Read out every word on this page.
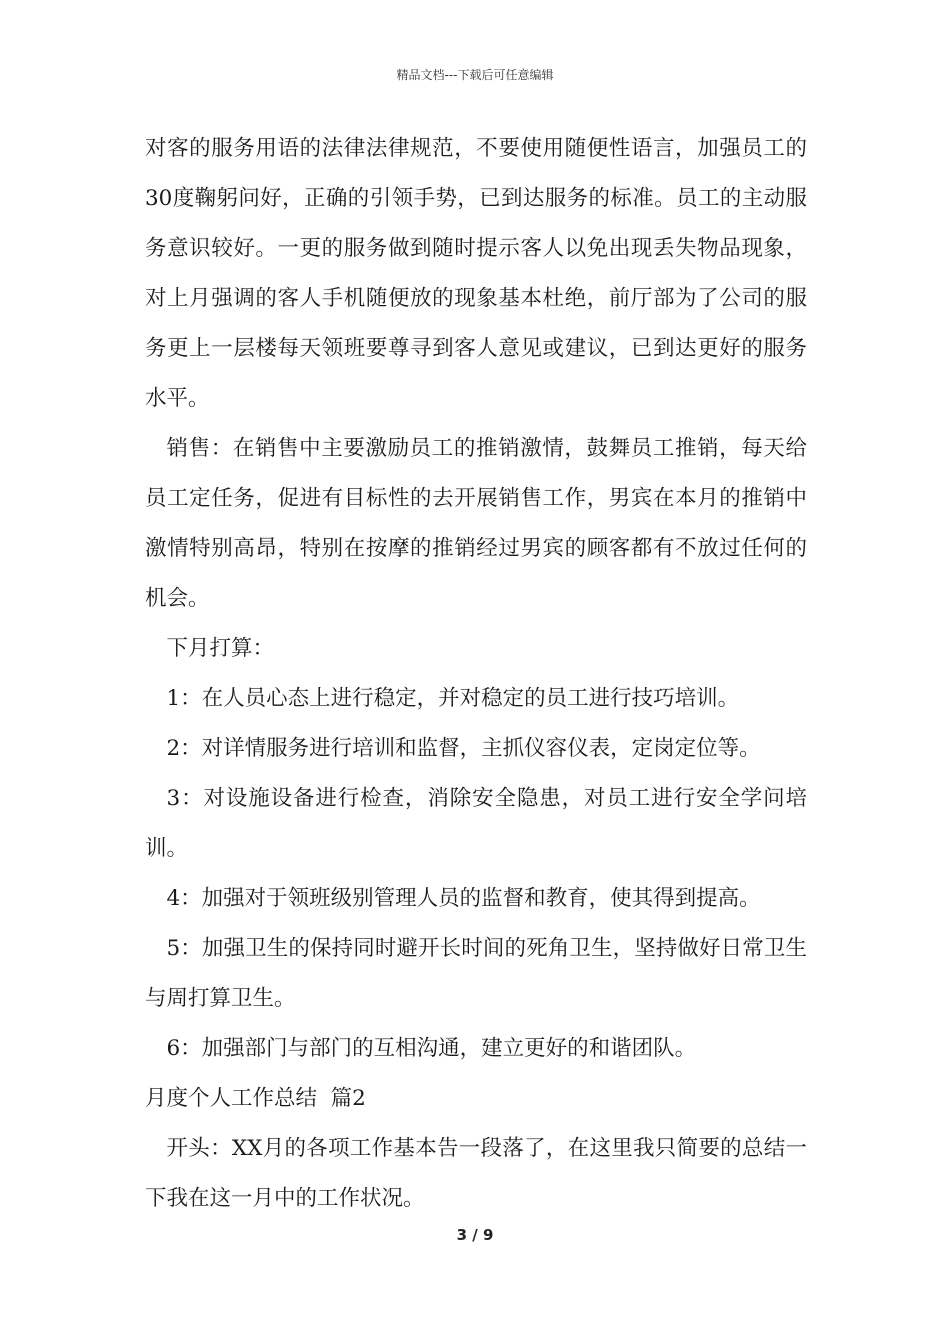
精品文档---下载后可任意编辑

对客的服务用语的法律法律规范，不要使用随便性语言，加强员工的30度鞠躬问好，正确的引领手势，已到达服务的标准。员工的主动服务意识较好。一更的服务做到随时提示客人以免出现丢失物品现象，对上月强调的客人手机随便放的现象基本杜绝，前厅部为了公司的服务更上一层楼每天领班要尊寻到客人意见或建议，已到达更好的服务水平。

销售：在销售中主要激励员工的推销激情，鼓舞员工推销，每天给员工定任务，促进有目标性的去开展销售工作，男宾在本月的推销中激情特别高昂，特别在按摩的推销经过男宾的顾客都有不放过任何的机会。

下月打算：

1：在人员心态上进行稳定，并对稳定的员工进行技巧培训。

2：对详情服务进行培训和监督，主抓仪容仪表，定岗定位等。

3：对设施设备进行检查，消除安全隐患，对员工进行安全学问培训。

4：加强对于领班级别管理人员的监督和教育，使其得到提高。

5：加强卫生的保持同时避开长时间的死角卫生，坚持做好日常卫生与周打算卫生。

6：加强部门与部门的互相沟通，建立更好的和谐团队。

月度个人工作总结  篇2

开头：XX月的各项工作基本告一段落了，在这里我只简要的总结一下我在这一月中的工作状况。

3 / 9
